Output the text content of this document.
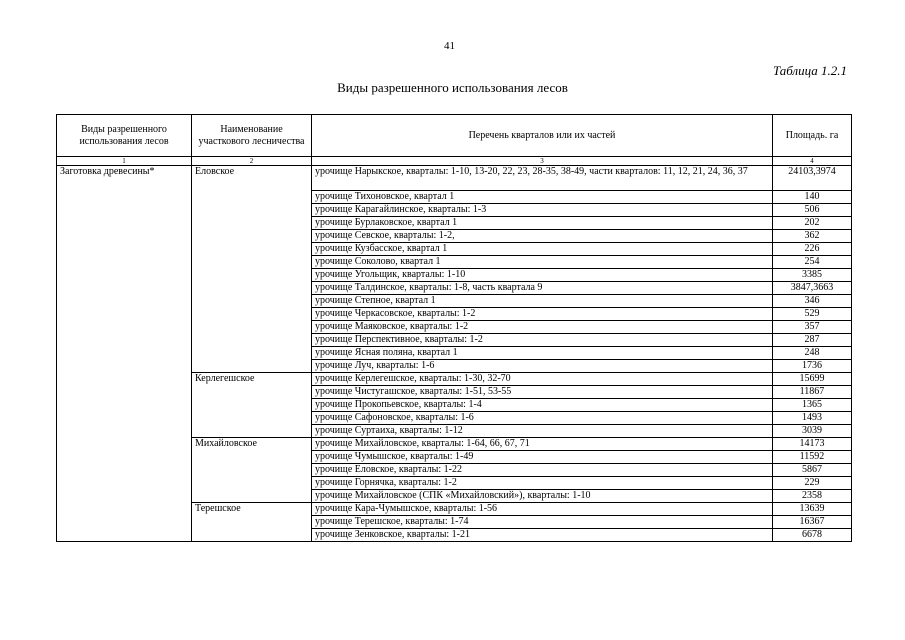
41
Таблица 1.2.1
Виды разрешенного использования лесов
Виды разрешенного использования лесов	Наименование участкового лесничества	Перечень кварталов или их частей	Площадь. га
1	2	3	4
Заготовка древесины*	Еловское	урочище Нарыкское, кварталы: 1-10, 13-20, 22, 23, 28-35, 38-49, части кварталов: 11, 12, 21, 24, 36, 37	24103,3974
		урочище Тихоновское, квартал 1	140
		урочище Карагайлинское, кварталы: 1-3	506
		урочище Бурлаковское, квартал 1	202
		урочище Севское, кварталы: 1-2,	362
		урочище Кузбасское, квартал 1	226
		урочище Соколово, квартал 1	254
		урочище Угольщик, кварталы: 1-10	3385
		урочище Талдинское, кварталы: 1-8, часть квартала 9	3847,3663
		урочище Степное, квартал 1	346
		урочище Черкасовское, кварталы: 1-2	529
		урочище Маяковское, кварталы: 1-2	357
		урочище Перспективное, кварталы: 1-2	287
		урочище Ясная поляна, квартал 1	248
		урочище Луч, кварталы: 1-6	1736
	Керлегешское	урочище Керлегешское, кварталы: 1-30, 32-70	15699
		урочище Чистугашское, кварталы: 1-51, 53-55	11867
		урочище Прокопьевское, кварталы: 1-4	1365
		урочище Сафоновское, кварталы: 1-6	1493
		урочище Суртаиха, кварталы: 1-12	3039
	Михайловское	урочище Михайловское, кварталы: 1-64, 66, 67, 71	14173
		урочище Чумышское, кварталы: 1-49	11592
		урочище Еловское, кварталы: 1-22	5867
		урочище Горнячка, кварталы: 1-2	229
		урочище Михайловское (СПК «Михайловский»), кварталы: 1-10	2358
	Терешское	урочище Кара-Чумышское, кварталы: 1-56	13639
		урочище Терешское, кварталы: 1-74	16367
		урочище Зенковское, кварталы: 1-21	6678
